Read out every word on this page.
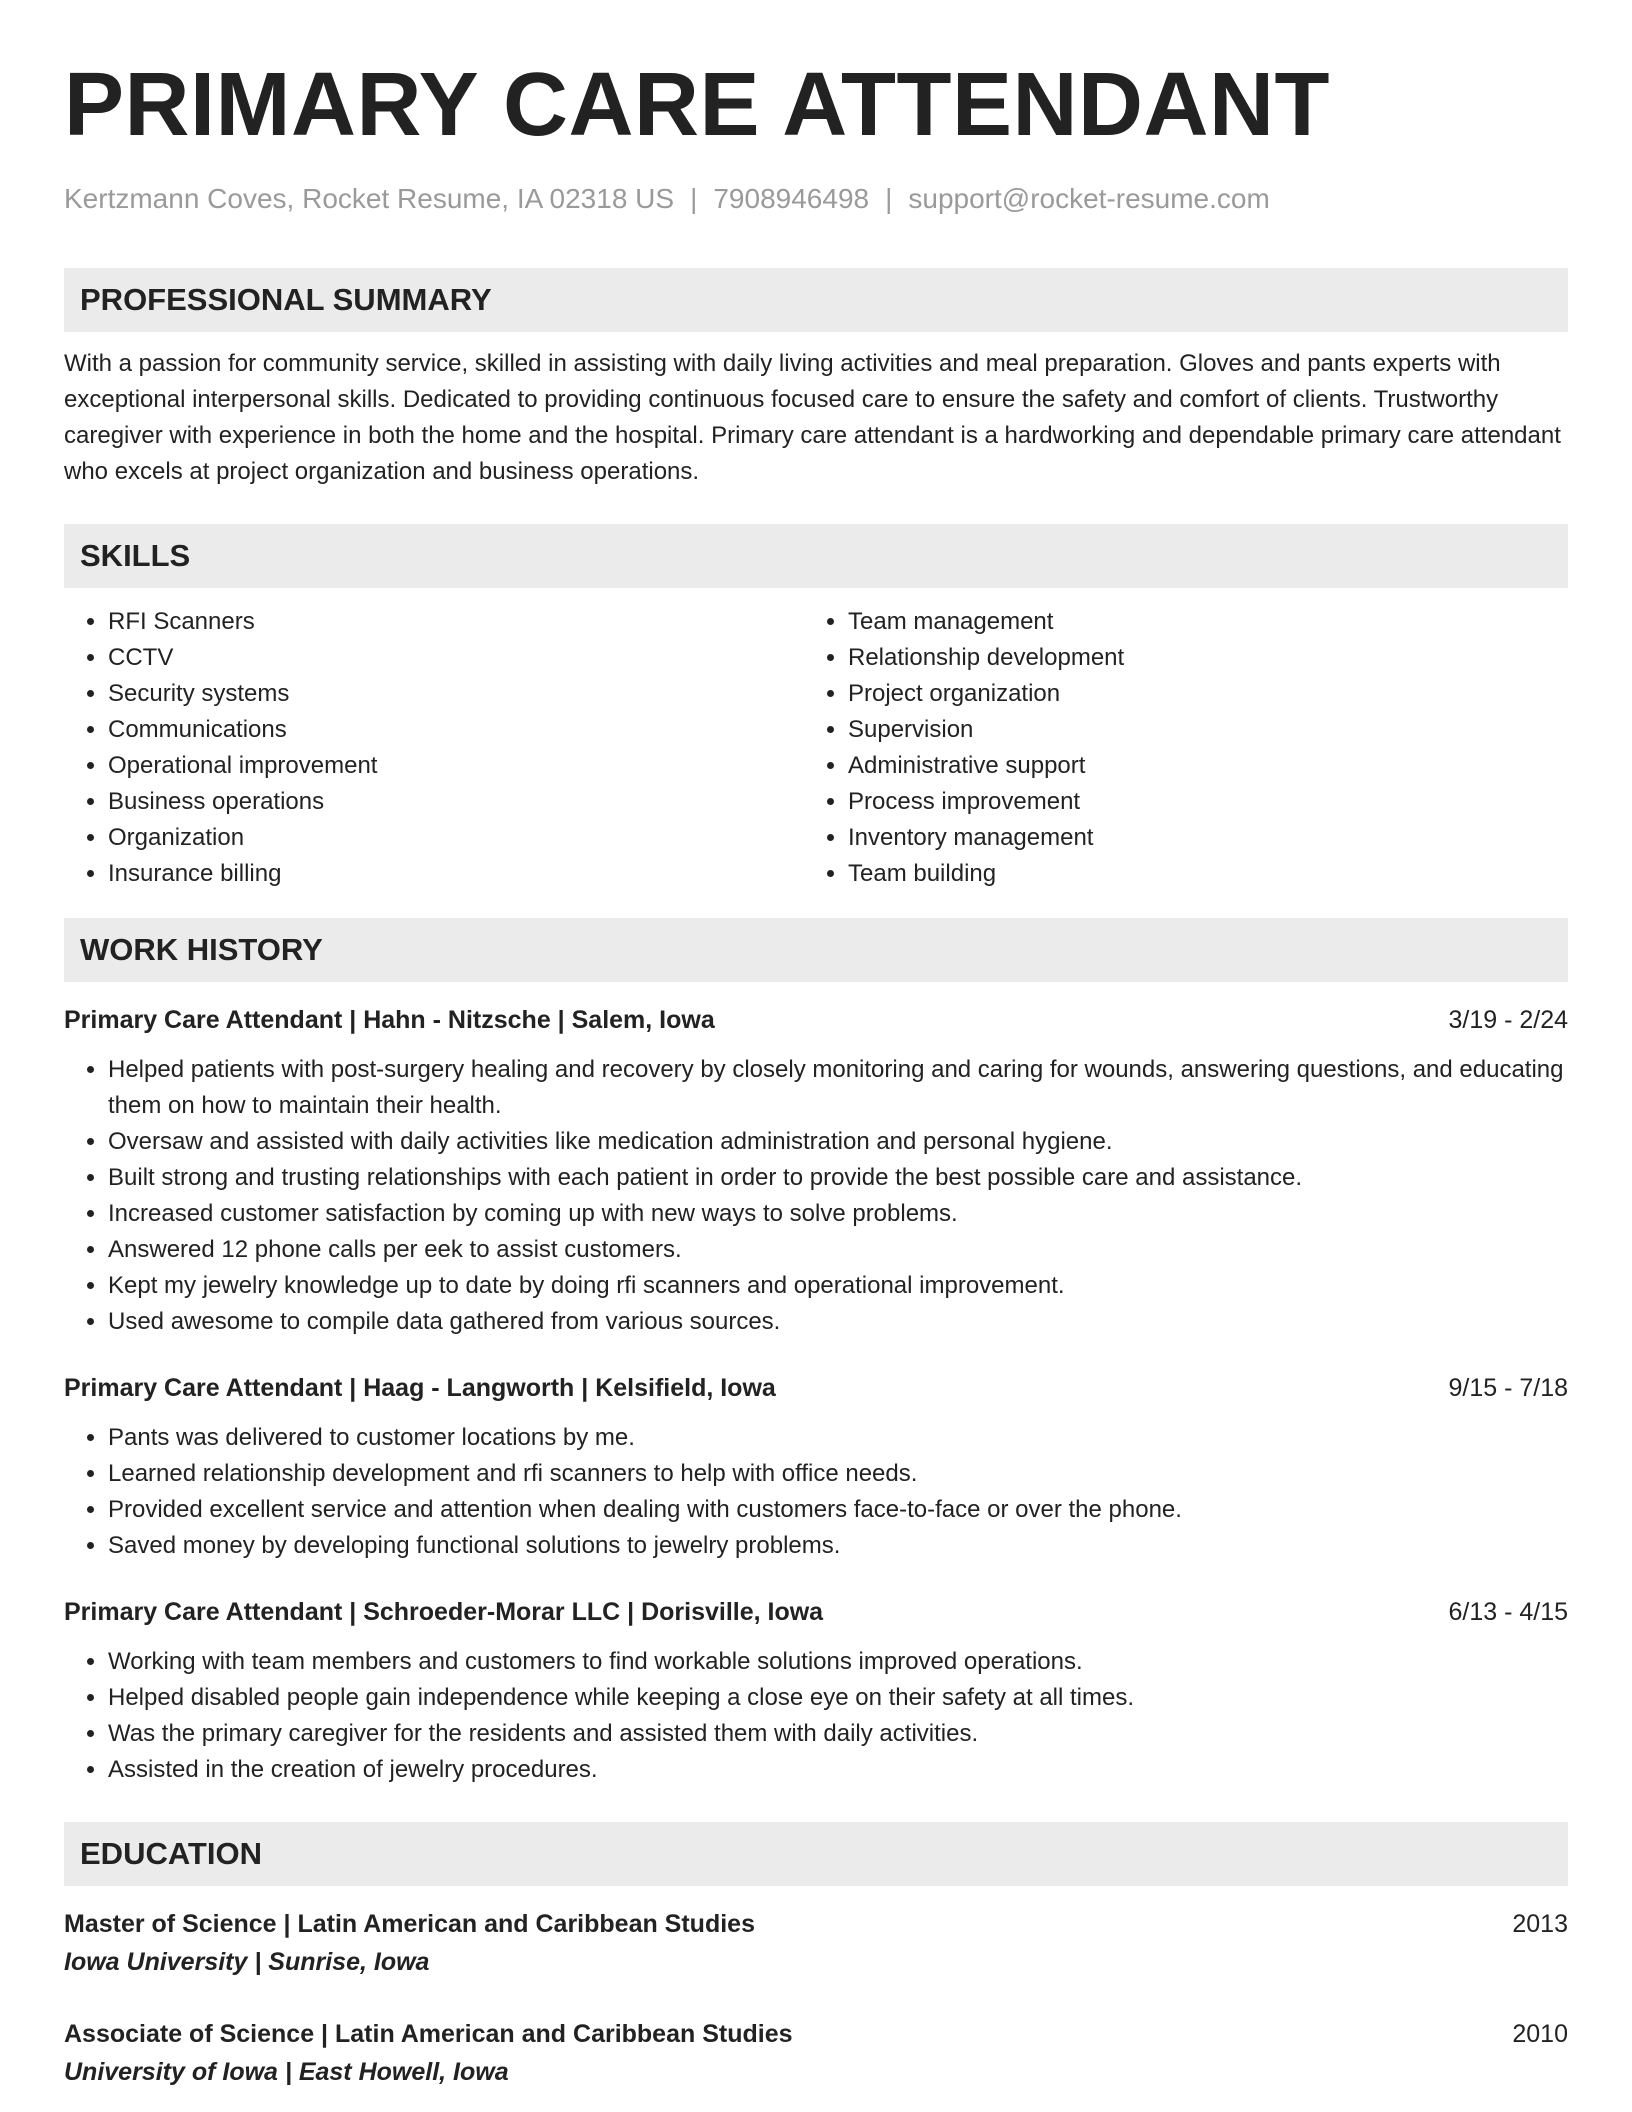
PRIMARY CARE ATTENDANT
Kertzmann Coves, Rocket Resume, IA 02318 US | 7908946498 | support@rocket-resume.com
PROFESSIONAL SUMMARY

With a passion for community service, skilled in assisting with daily living activities and meal preparation. Gloves and pants experts with exceptional interpersonal skills. Dedicated to providing continuous focused care to ensure the safety and comfort of clients. Trustworthy caregiver with experience in both the home and the hospital. Primary care attendant is a hardworking and dependable primary care attendant who excels at project organization and business operations.

SKILLS
• RFI Scanners
• CCTV
• Security systems
• Communications
• Operational improvement
• Business operations
• Organization
• Insurance billing
• Team management
• Relationship development
• Project organization
• Supervision
• Administrative support
• Process improvement
• Inventory management
• Team building
WORK HISTORY
Primary Care Attendant | Hahn - Nitzsche | Salem, Iowa	3/19 - 2/24
• Helped patients with post-surgery healing and recovery by closely monitoring and caring for wounds, answering questions, and educating them on how to maintain their health.
• Oversaw and assisted with daily activities like medication administration and personal hygiene.
• Built strong and trusting relationships with each patient in order to provide the best possible care and assistance.
• Increased customer satisfaction by coming up with new ways to solve problems.
• Answered 12 phone calls per eek to assist customers.
• Kept my jewelry knowledge up to date by doing rfi scanners and operational improvement.
• Used awesome to compile data gathered from various sources.
Primary Care Attendant | Haag - Langworth | Kelsifield, Iowa	9/15 - 7/18
• Pants was delivered to customer locations by me.
• Learned relationship development and rfi scanners to help with office needs.
• Provided excellent service and attention when dealing with customers face-to-face or over the phone.
• Saved money by developing functional solutions to jewelry problems.
Primary Care Attendant | Schroeder-Morar LLC | Dorisville, Iowa	6/13 - 4/15
• Working with team members and customers to find workable solutions improved operations.
• Helped disabled people gain independence while keeping a close eye on their safety at all times.
• Was the primary caregiver for the residents and assisted them with daily activities.
• Assisted in the creation of jewelry procedures.
EDUCATION
Master of Science | Latin American and Caribbean Studies	2013
Iowa University | Sunrise, Iowa
Associate of Science | Latin American and Caribbean Studies	2010
University of Iowa | East Howell, Iowa
